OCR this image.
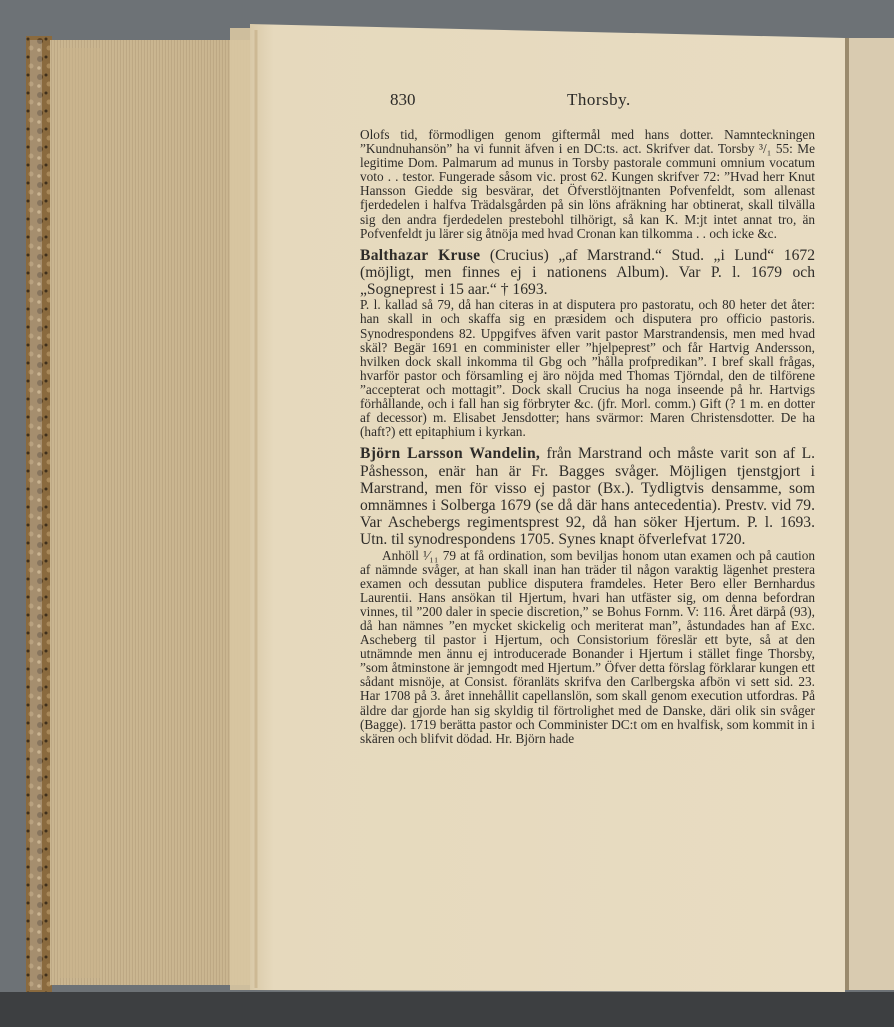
830	Thorsby.

Olofs tid, förmodligen genom giftermål med hans dotter. Namnteckningen ”Kundnuhansön” ha vi funnit äfven i en DC:ts. act. Skrifver dat. Torsby ³/₁ 55: Me legitime Dom. Palmarum ad munus in Torsby pastorale communi omnium vocatum voto . . testor. Fungerade såsom vic. prost 62. Kungen skrifver 72: ”Hvad herr Knut Hansson Giedde sig besvärar, det Öfverstlöjtnanten Pofvenfeldt, som allenast fjerdedelen i halfva Trädalsgården på sin löns afräkning har obtinerat, skall tilvälla sig den andra fjerdedelen prestebohl tilhörigt, så kan K. M:jt intet annat tro, än Pofvenfeldt ju lärer sig åtnöja med hvad Cronan kan tilkomma . . och icke &c.

Balthazar Kruse (Crucius) „af Marstrand.“ Stud. „i Lund“ 1672 (möjligt, men finnes ej i nationens Album). Var P. l. 1679 och „Sogneprest i 15 aar.“ † 1693.

P. l. kallad så 79, då han citeras in at disputera pro pastoratu, och 80 heter det åter: han skall in och skaffa sig en præsidem och disputera pro officio pastoris. Synodrespondens 82. Uppgifves äfven varit pastor Marstrandensis, men med hvad skäl? Begär 1691 en comminister eller ”hjelpeprest” och får Hartvig Andersson, hvilken dock skall inkomma til Gbg och ”hålla profpredikan”. I bref skall frågas, hvarför pastor och församling ej äro nöjda med Thomas Tjörndal, den de tilförene ”accepterat och mottagit”. Dock skall Crucius ha noga inseende på hr. Hartvigs förhållande, och i fall han sig förbryter &c. (jfr. Morl. comm.) Gift (? 1 m. en dotter af decessor) m. Elisabet Jensdotter; hans svärmor: Maren Christensdotter. De ha (haft?) ett epitaphium i kyrkan.

Björn Larsson Wandelin, från Marstrand och måste varit son af L. Påshesson, enär han är Fr. Bagges svåger. Möjligen tjenstgjort i Marstrand, men för visso ej pastor (Bx.). Tydligtvis densamme, som omnämnes i Solberga 1679 (se då där hans antecedentia). Prestv. vid 79. Var Aschebergs regimentsprest 92, då han söker Hjertum. P. l. 1693. Utn. til synodrespondens 1705. Synes knapt öfverlefvat 1720.

Anhöll ¹⁄₁₁ 79 at få ordination, som beviljas honom utan examen och på caution af nämnde svåger, at han skall inan han träder til någon varaktig lägenhet prestera examen och dessutan publice disputera framdeles. Heter Bero eller Bernhardus Laurentii. Hans ansökan til Hjertum, hvari han utfäster sig, om denna befordran vinnes, til ”200 daler in specie discretion,” se Bohus Fornm. V: 116. Året därpå (93), då han nämnes ”en mycket skickelig och meriterat man”, åstundades han af Exc. Ascheberg til pastor i Hjertum, och Consistorium föreslär ett byte, så at den utnämnde men ännu ej introducerade Bonander i Hjertum i stället finge Thorsby, ”som åtminstone är jemngodt med Hjertum.” Öfver detta förslag förklarar kungen ett sådant misnöje, at Consist. föranläts skrifva den Carlbergska afbön vi sett sid. 23. Har 1708 på 3. året innehållit capellanslön, som skall genom execution utfordras. På äldre dar gjorde han sig skyldig til förtrolighet med de Danske, däri olik sin svåger (Bagge). 1719 berätta pastor och Comminister DC:t om en hvalfisk, som kommit in i skären och blifvit dödad. Hr. Björn hade
